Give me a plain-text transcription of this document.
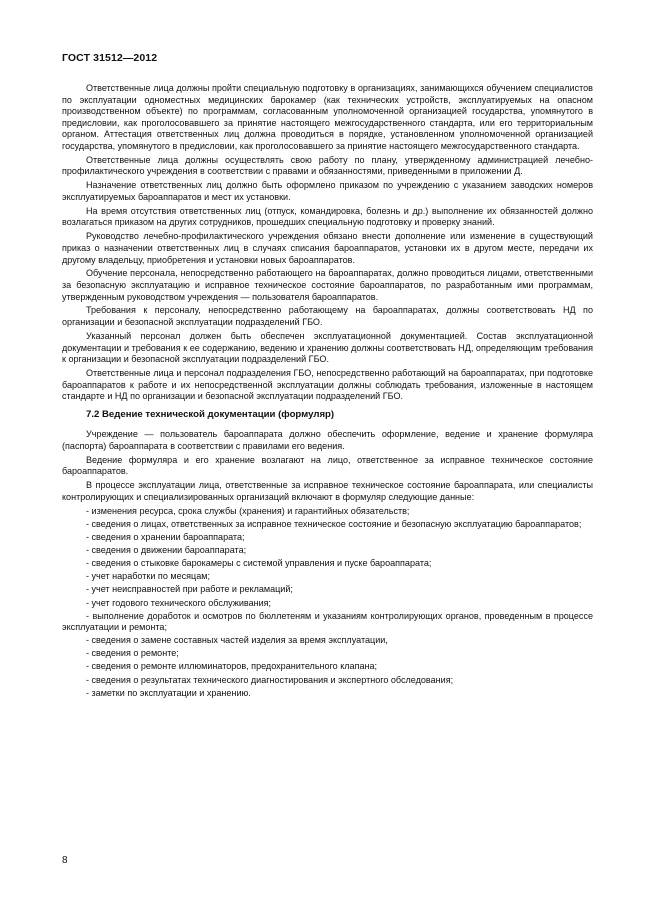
ГОСТ 31512—2012

Ответственные лица должны пройти специальную подготовку в организациях, занимающихся обучением специалистов по эксплуатации одноместных медицинских барокамер (как технических устройств, эксплуатируемых на опасном производственном объекте) по программам, согласованным уполномоченной организацией государства, упомянутого в предисловии, как проголосовавшего за принятие настоящего межгосударственного стандарта, или его территориальным органом. Аттестация ответственных лиц должна проводиться в порядке, установленном уполномоченной организацией государства, упомянутого в предисловии, как проголосовавшего за принятие настоящего межгосударственного стандарта.

Ответственные лица должны осуществлять свою работу по плану, утвержденному администрацией лечебно-профилактического учреждения в соответствии с правами и обязанностями, приведенными в приложении Д.

Назначение ответственных лиц должно быть оформлено приказом по учреждению с указанием заводских номеров эксплуатируемых бароаппаратов и мест их установки.

На время отсутствия ответственных лиц (отпуск, командировка, болезнь и др.) выполнение их обязанностей должно возлагаться приказом на других сотрудников, прошедших специальную подготовку и проверку знаний.

Руководство лечебно-профилактического учреждения обязано внести дополнение или изменение в существующий приказ о назначении ответственных лиц в случаях списания бароаппаратов, установки их в другом месте, передачи их другому владельцу, приобретения и установки новых бароаппаратов.

Обучение персонала, непосредственно работающего на бароаппаратах, должно проводиться лицами, ответственными за безопасную эксплуатацию и исправное техническое состояние бароаппаратов, по разработанным ими программам, утвержденным руководством учреждения — пользователя бароаппаратов.

Требования к персоналу, непосредственно работающему на бароаппаратах, должны соответствовать НД по организации и безопасной эксплуатации подразделений ГБО.

Указанный персонал должен быть обеспечен эксплуатационной документацией. Состав эксплуатационной документации и требования к ее содержанию, ведению и хранению должны соответствовать НД, определяющим требования к организации и безопасной эксплуатации подразделений ГБО.

Ответственные лица и персонал подразделения ГБО, непосредственно работающий на бароаппаратах, при подготовке бароаппаратов к работе и их непосредственной эксплуатации должны соблюдать требования, изложенные в настоящем стандарте и НД по организации и безопасной эксплуатации подразделений ГБО.

7.2 Ведение технической документации (формуляр)

Учреждение — пользователь бароаппарата должно обеспечить оформление, ведение и хранение формуляра (паспорта) бароаппарата в соответствии с правилами его ведения.

Ведение формуляра и его хранение возлагают на лицо, ответственное за исправное техническое состояние бароаппаратов.

В процессе эксплуатации лица, ответственные за исправное техническое состояние бароаппарата, или специалисты контролирующих и специализированных организаций включают в формуляр следующие данные:

- изменения ресурса, срока службы (хранения) и гарантийных обязательств;

- сведения о лицах, ответственных за исправное техническое состояние и безопасную эксплуатацию бароаппаратов;

- сведения о хранении бароаппарата;

- сведения о движении бароаппарата;

- сведения о стыковке барокамеры с системой управления и пуске бароаппарата;

- учет наработки по месяцам;

- учет неисправностей при работе и рекламаций;

- учет годового технического обслуживания;

- выполнение доработок и осмотров по бюллетеням и указаниям контролирующих органов, проведенным в процессе эксплуатации и ремонта;

- сведения о замене составных частей изделия за время эксплуатации,

- сведения о ремонте;

- сведения о ремонте иллюминаторов, предохранительного клапана;

- сведения о результатах технического диагностирования и экспертного обследования;

- заметки по эксплуатации и хранению.

8
